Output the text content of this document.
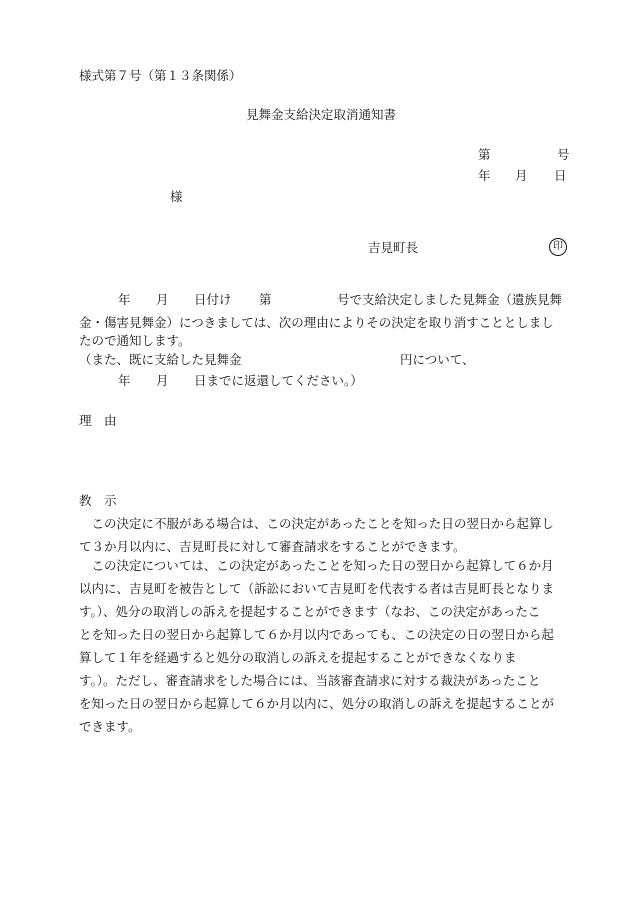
様式第７号（第１３条関係）
見舞金支給決定取消通知書
第	号
年 月 日
様
吉見町長	印
年 月 日付け 第	号で支給決定しました見舞金（遺族見舞
金・傷害見舞金）につきましては、次の理由によりその決定を取り消すこととしまし
たので通知します。
（また、既に支給した見舞金	円について、
年 月 日までに返還してください。）
理　由
教　示
　この決定に不服がある場合は、この決定があったことを知った日の翌日から起算し
て３か月以内に、吉見町長に対して審査請求をすることができます。
　この決定については、この決定があったことを知った日の翌日から起算して６か月
以内に、吉見町を被告として（訴訟において吉見町を代表する者は吉見町長となりま
す。）、処分の取消しの訴えを提起することができます（なお、この決定があったこ
とを知った日の翌日から起算して６か月以内であっても、この決定の日の翌日から起
算して１年を経過すると処分の取消しの訴えを提起することができなくなりま
す。）。ただし、審査請求をした場合には、当該審査請求に対する裁決があったこと
を知った日の翌日から起算して６か月以内に、処分の取消しの訴えを提起することが
できます。
